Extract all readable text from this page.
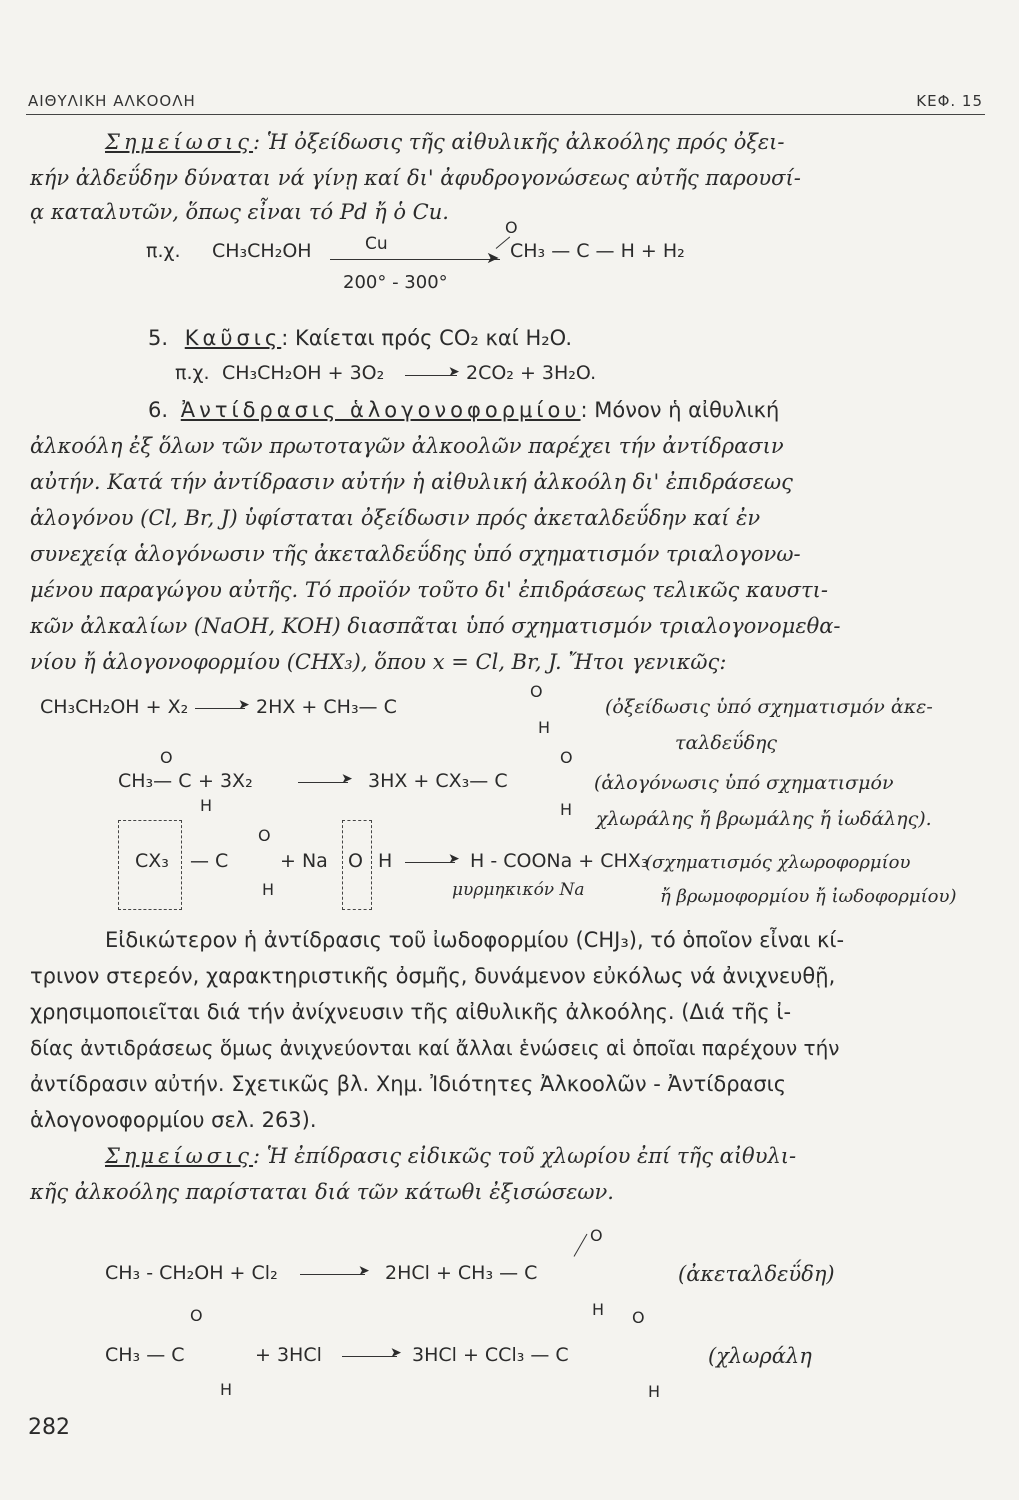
ΑΙΘΥΛΙΚΗ ΑΛΚΟΟΛΗ	ΚΕΦ. 15
Σημείωσις: Ἡ ὀξείδωσις τῆς αἰθυλικῆς ἀλκοόλης πρός ὀξει-
κήν ἀλδεΰδην δύναται νά γίνῃ καί δι' ἀφυδρογονώσεως αὐτῆς παρουσί-
ᾳ καταλυτῶν, ὅπως εἶναι τό Pd ἤ ὁ Cu.
O
π.χ. CH₃CH₂OH	Cu
➤ CH₃ — C — H + H₂
200° - 300°
5. Καῦσις: Καίεται πρός CO₂ καί H₂O.
π.χ. CH₃CH₂OH + 3O₂	➤ 2CO₂ + 3H₂O.
6. Ἀντίδρασις ἁλογονοφορμίου: Μόνον ἡ αἰθυλική
ἀλκοόλη ἐξ ὅλων τῶν πρωτοταγῶν ἀλκοολῶν παρέχει τήν ἀντίδρασιν
αὐτήν. Κατά τήν ἀντίδρασιν αὐτήν ἡ αἰθυλική ἀλκοόλη δι' ἐπιδράσεως
ἁλογόνου (Cl, Br, J) ὑφίσταται ὀξείδωσιν πρός ἀκεταλδεΰδην καί ἐν
συνεχείᾳ ἁλογόνωσιν τῆς ἀκεταλδεΰδης ὑπό σχηματισμόν τριαλογονω-
μένου παραγώγου αὐτῆς. Τό προϊόν τοῦτο δι' ἐπιδράσεως τελικῶς καυστι-
κῶν ἀλκαλίων (NaOH, KOH) διασπᾶται ὑπό σχηματισμόν τριαλογονομεθα-
νίου ἤ ἁλογονοφορμίου (CHX₃), ὅπου x = Cl, Br, J. Ἤτοι γενικῶς:
O
CH₃CH₂OH + X₂	➤ 2HX + CH₃— C
H
(ὀξείδωσις ὑπό σχηματισμόν ἀκε-
ταλδεΰδης
O	O
CH₃— C + 3X₂	➤ 3HX + CX₃— C
H	H
(ἁλογόνωσις ὑπό σχηματισμόν
χλωράλης ἤ βρωμάλης ἤ ἰωδάλης).
O
CX₃ — C	+ Na O H	➤ H - COONa + CHX₃
H	μυρμηκικόν Na
(σχηματισμός χλωροφορμίου
ἤ βρωμοφορμίου ἤ ἰωδοφορμίου)
Εἰδικώτερον ἡ ἀντίδρασις τοῦ ἰωδοφορμίου (CHJ₃), τό ὁποῖον εἶναι κί-
τρινον στερεόν, χαρακτηριστικῆς ὀσμῆς, δυνάμενον εὐκόλως νά ἀνιχνευθῇ,
χρησιμοποιεῖται διά τήν ἀνίχνευσιν τῆς αἰθυλικῆς ἀλκοόλης. (Διά τῆς ἰ-
δίας ἀντιδράσεως ὅμως ἀνιχνεύονται καί ἄλλαι ἑνώσεις αἱ ὁποῖαι παρέχουν τήν
ἀντίδρασιν αὐτήν. Σχετικῶς βλ. Χημ. Ἰδιότητες Ἀλκοολῶν - Ἀντίδρασις
ἁλογονοφορμίου σελ. 263).
Σημείωσις: Ἡ ἐπίδρασις εἰδικῶς τοῦ χλωρίου ἐπί τῆς αἰθυλι-
κῆς ἀλκοόλης παρίσταται διά τῶν κάτωθι ἐξισώσεων.
O
CH₃ - CH₂OH + Cl₂	➤ 2HCl + CH₃ — C
H
(ἀκεταλδεΰδη)
O	O
CH₃ — C	+ 3HCl	➤ 3HCl + CCl₃ — C
H	H
(χλωράλη
282
